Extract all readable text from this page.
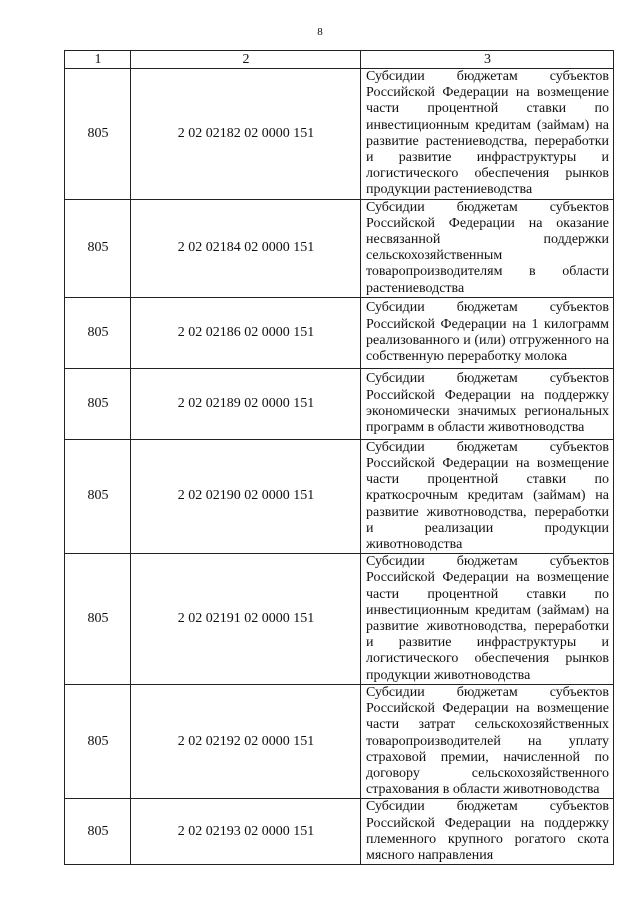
8
1	2	3
805	2 02 02182 02 0000 151	Субсидии бюджетам субъектов Российской Федерации на возмещение части процентной ставки по инвестиционным кредитам (займам) на развитие растениеводства, переработки и развитие инфраструктуры и логистического обеспечения рынков продукции растениеводства
805	2 02 02184 02 0000 151	Субсидии бюджетам субъектов Российской Федерации на оказание несвязанной поддержки сельскохозяйственным товаропроизводителям в области растениеводства
805	2 02 02186 02 0000 151	Субсидии бюджетам субъектов Российской Федерации на 1 килограмм реализованного и (или) отгруженного на собственную переработку молока
805	2 02 02189 02 0000 151	Субсидии бюджетам субъектов Российской Федерации на поддержку экономически значимых региональных программ в области животноводства
805	2 02 02190 02 0000 151	Субсидии бюджетам субъектов Российской Федерации на возмещение части процентной ставки по краткосрочным кредитам (займам) на развитие животноводства, переработки и реализации продукции животноводства
805	2 02 02191 02 0000 151	Субсидии бюджетам субъектов Российской Федерации на возмещение части процентной ставки по инвестиционным кредитам (займам) на развитие животноводства, переработки и развитие инфраструктуры и логистического обеспечения рынков продукции животноводства
805	2 02 02192 02 0000 151	Субсидии бюджетам субъектов Российской Федерации на возмещение части затрат сельскохозяйственных товаропроизводителей на уплату страховой премии, начисленной по договору сельскохозяйственного страхования в области животноводства
805	2 02 02193 02 0000 151	Субсидии бюджетам субъектов Российской Федерации на поддержку племенного крупного рогатого скота мясного направления
